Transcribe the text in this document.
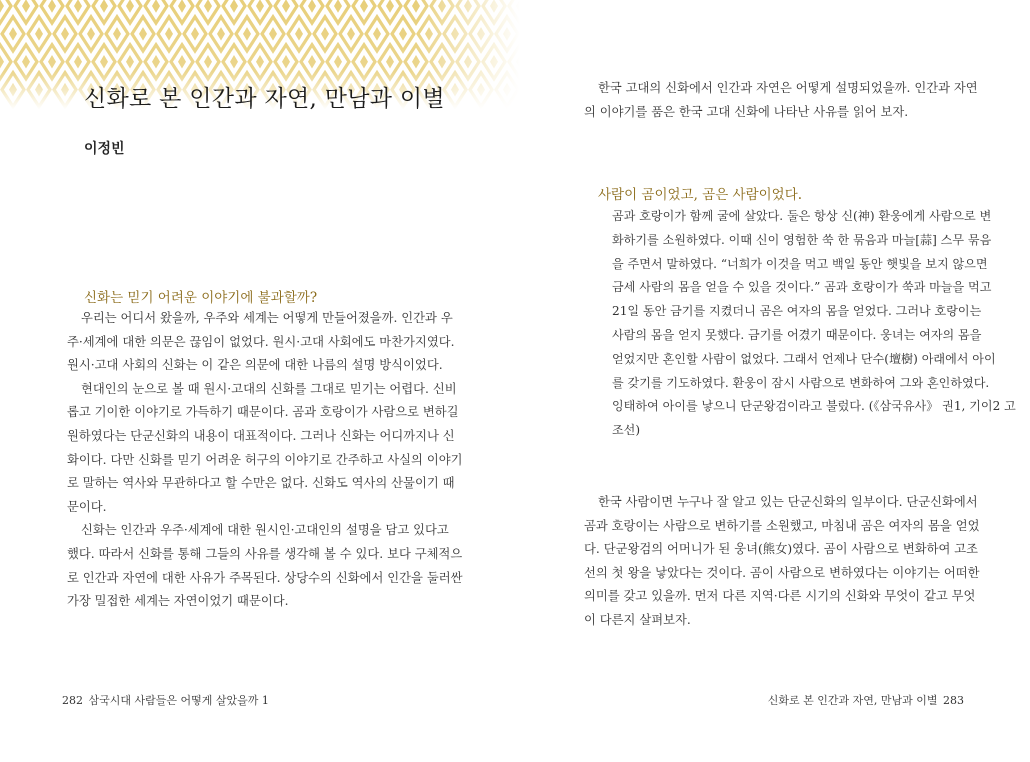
신화로 본 인간과 자연, 만남과 이별
이정빈
신화는 믿기 어려운 이야기에 불과할까?
우리는 어디서 왔을까, 우주와 세계는 어떻게 만들어졌을까. 인간과 우
주·세계에 대한 의문은 끊임이 없었다. 원시·고대 사회에도 마찬가지였다.
원시·고대 사회의 신화는 이 같은 의문에 대한 나름의 설명 방식이었다.
현대인의 눈으로 볼 때 원시·고대의 신화를 그대로 믿기는 어렵다. 신비
롭고 기이한 이야기로 가득하기 때문이다. 곰과 호랑이가 사람으로 변하길
원하였다는 단군신화의 내용이 대표적이다. 그러나 신화는 어디까지나 신
화이다. 다만 신화를 믿기 어려운 허구의 이야기로 간주하고 사실의 이야기
로 말하는 역사와 무관하다고 할 수만은 없다. 신화도 역사의 산물이기 때
문이다.
신화는 인간과 우주·세계에 대한 원시인·고대인의 설명을 담고 있다고
했다. 따라서 신화를 통해 그들의 사유를 생각해 볼 수 있다. 보다 구체적으
로 인간과 자연에 대한 사유가 주목된다. 상당수의 신화에서 인간을 둘러싼
가장 밀접한 세계는 자연이었기 때문이다.
282 삼국시대 사람들은 어떻게 살았을까 1
한국 고대의 신화에서 인간과 자연은 어떻게 설명되었을까. 인간과 자연
의 이야기를 품은 한국 고대 신화에 나타난 사유를 읽어 보자.
사람이 곰이었고, 곰은 사람이었다.
곰과 호랑이가 함께 굴에 살았다. 둘은 항상 신(神) 환웅에게 사람으로 변
화하기를 소원하였다. 이때 신이 영험한 쑥 한 묶음과 마늘[蒜] 스무 묶음
을 주면서 말하였다. “너희가 이것을 먹고 백일 동안 햇빛을 보지 않으면
금세 사람의 몸을 얻을 수 있을 것이다.” 곰과 호랑이가 쑥과 마늘을 먹고
21일 동안 금기를 지켰더니 곰은 여자의 몸을 얻었다. 그러나 호랑이는
사람의 몸을 얻지 못했다. 금기를 어겼기 때문이다. 웅녀는 여자의 몸을
얻었지만 혼인할 사람이 없었다. 그래서 언제나 단수(壇樹) 아래에서 아이
를 갖기를 기도하였다. 환웅이 잠시 사람으로 변화하여 그와 혼인하였다.
잉태하여 아이를 낳으니 단군왕검이라고 불렀다. (《삼국유사》 권1, 기이2 고
조선)
한국 사람이면 누구나 잘 알고 있는 단군신화의 일부이다. 단군신화에서
곰과 호랑이는 사람으로 변하기를 소원했고, 마침내 곰은 여자의 몸을 얻었
다. 단군왕검의 어머니가 된 웅녀(熊女)였다. 곰이 사람으로 변화하여 고조
선의 첫 왕을 낳았다는 것이다. 곰이 사람으로 변하였다는 이야기는 어떠한
의미를 갖고 있을까. 먼저 다른 지역·다른 시기의 신화와 무엇이 같고 무엇
이 다른지 살펴보자.
신화로 본 인간과 자연, 만남과 이별 283
